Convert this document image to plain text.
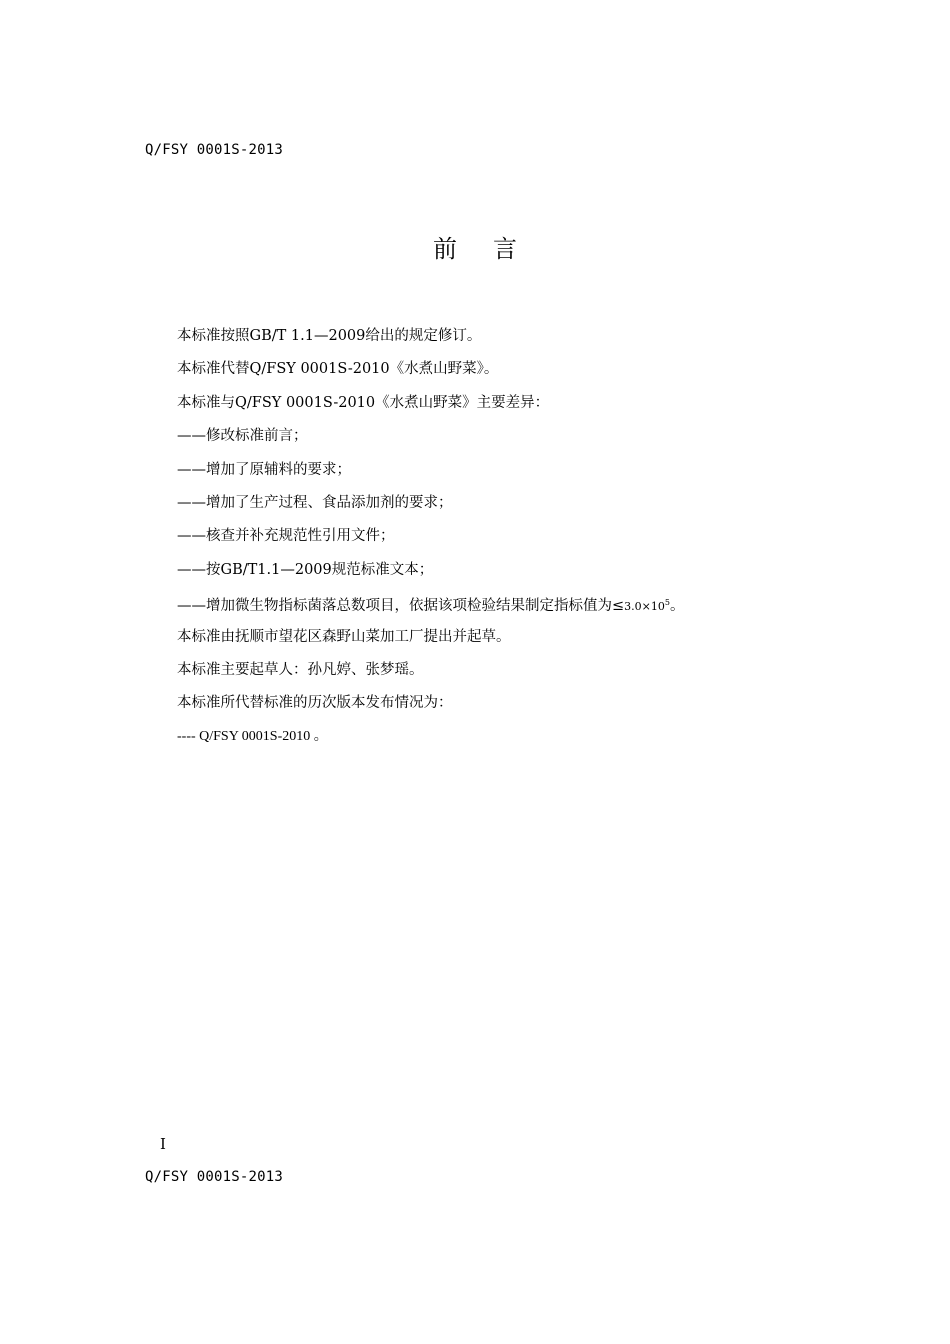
Q/FSY 0001S-2013
前言
本标准按照GB/T 1.1—2009给出的规定修订。
本标准代替Q/FSY 0001S-2010《水煮山野菜》。
本标准与Q/FSY 0001S-2010《水煮山野菜》主要差异：
——修改标准前言；
——增加了原辅料的要求；
——增加了生产过程、食品添加剂的要求；
——核查并补充规范性引用文件；
——按GB/T1.1—2009规范标准文本；
——增加微生物指标菌落总数项目，依据该项检验结果制定指标值为$\le 3.0\times 10^5$。
本标准由抚顺市望花区森野山菜加工厂提出并起草。
本标准主要起草人：孙凡婷、张梦瑶。
本标准所代替标准的历次版本发布情况为：
---- Q/FSY 0001S-2010 。
I
Q/FSY 0001S-2013
